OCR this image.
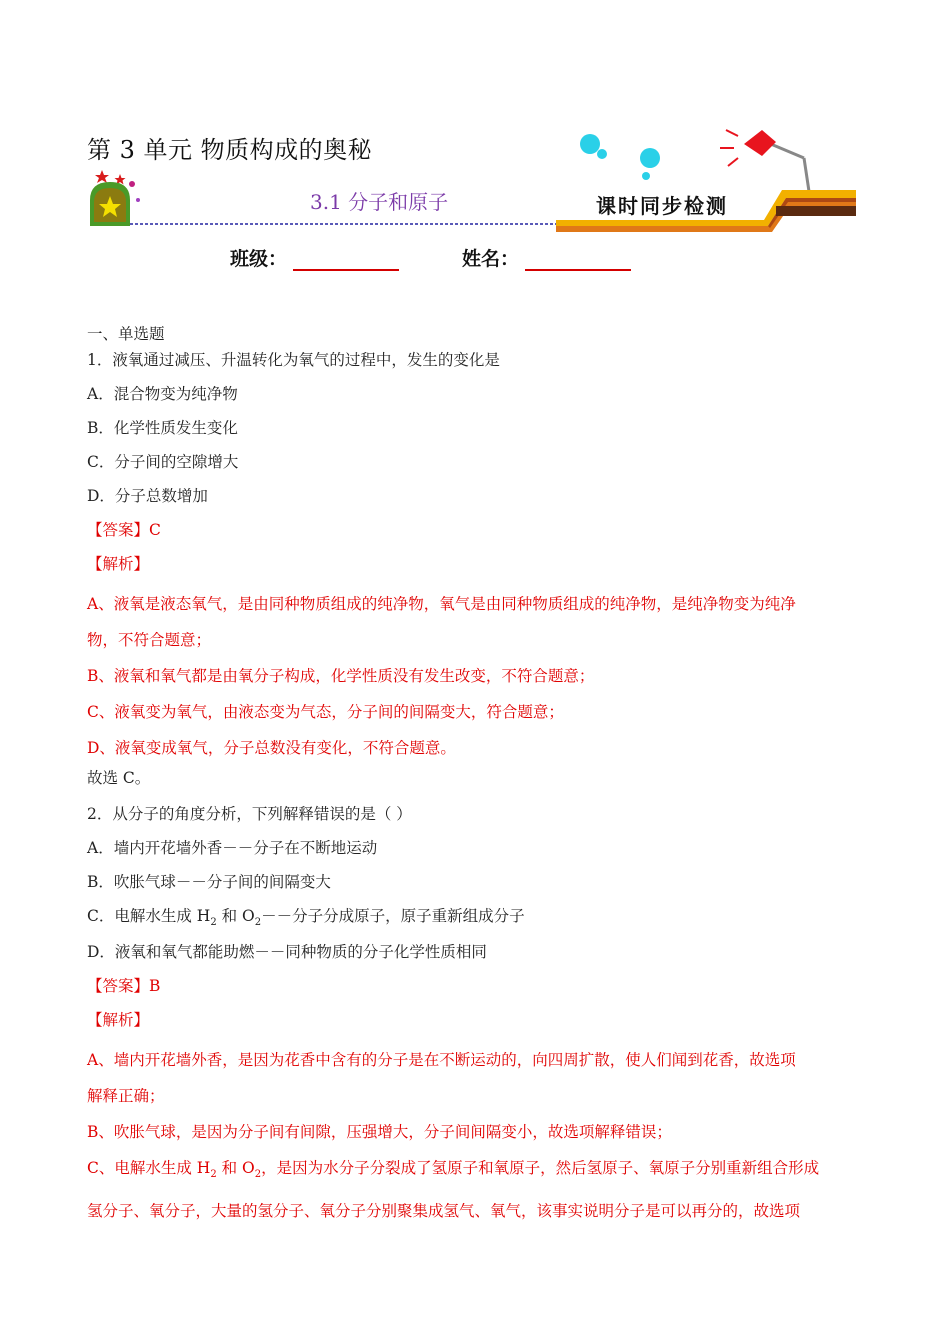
第 3 单元 物质构成的奥秘
3.1 分子和原子	课时同步检测
班级：	姓名：
一、单选题
1．液氧通过减压、升温转化为氧气的过程中，发生的变化是
A．混合物变为纯净物
B．化学性质发生变化
C．分子间的空隙增大
D．分子总数增加
【答案】C
【解析】
A、液氧是液态氧气，是由同种物质组成的纯净物，氧气是由同种物质组成的纯净物，是纯净物变为纯净
物，不符合题意；
B、液氧和氧气都是由氧分子构成，化学性质没有发生改变，不符合题意；
C、液氧变为氧气，由液态变为气态，分子间的间隔变大，符合题意；
D、液氧变成氧气，分子总数没有变化，不符合题意。
故选 C。
2．从分子的角度分析，下列解释错误的是（ ）
A．墙内开花墙外香－－分子在不断地运动
B．吹胀气球－－分子间的间隔变大
C．电解水生成 $H_2$ 和 $O_2--$分子分成原子，原子重新组成分子
D．液氧和氧气都能助燃－－同种物质的分子化学性质相同
【答案】B
【解析】
A、墙内开花墙外香，是因为花香中含有的分子是在不断运动的，向四周扩散，使人们闻到花香，故选项
解释正确；
B、吹胀气球，是因为分子间有间隙，压强增大，分子间间隔变小，故选项解释错误；
C、电解水生成 $H_2$ 和 $O_2$，是因为水分子分裂成了氢原子和氧原子，然后氢原子、氧原子分别重新组合形成
氢分子、氧分子，大量的氢分子、氧分子分别聚集成氢气、氧气，该事实说明分子是可以再分的，故选项
